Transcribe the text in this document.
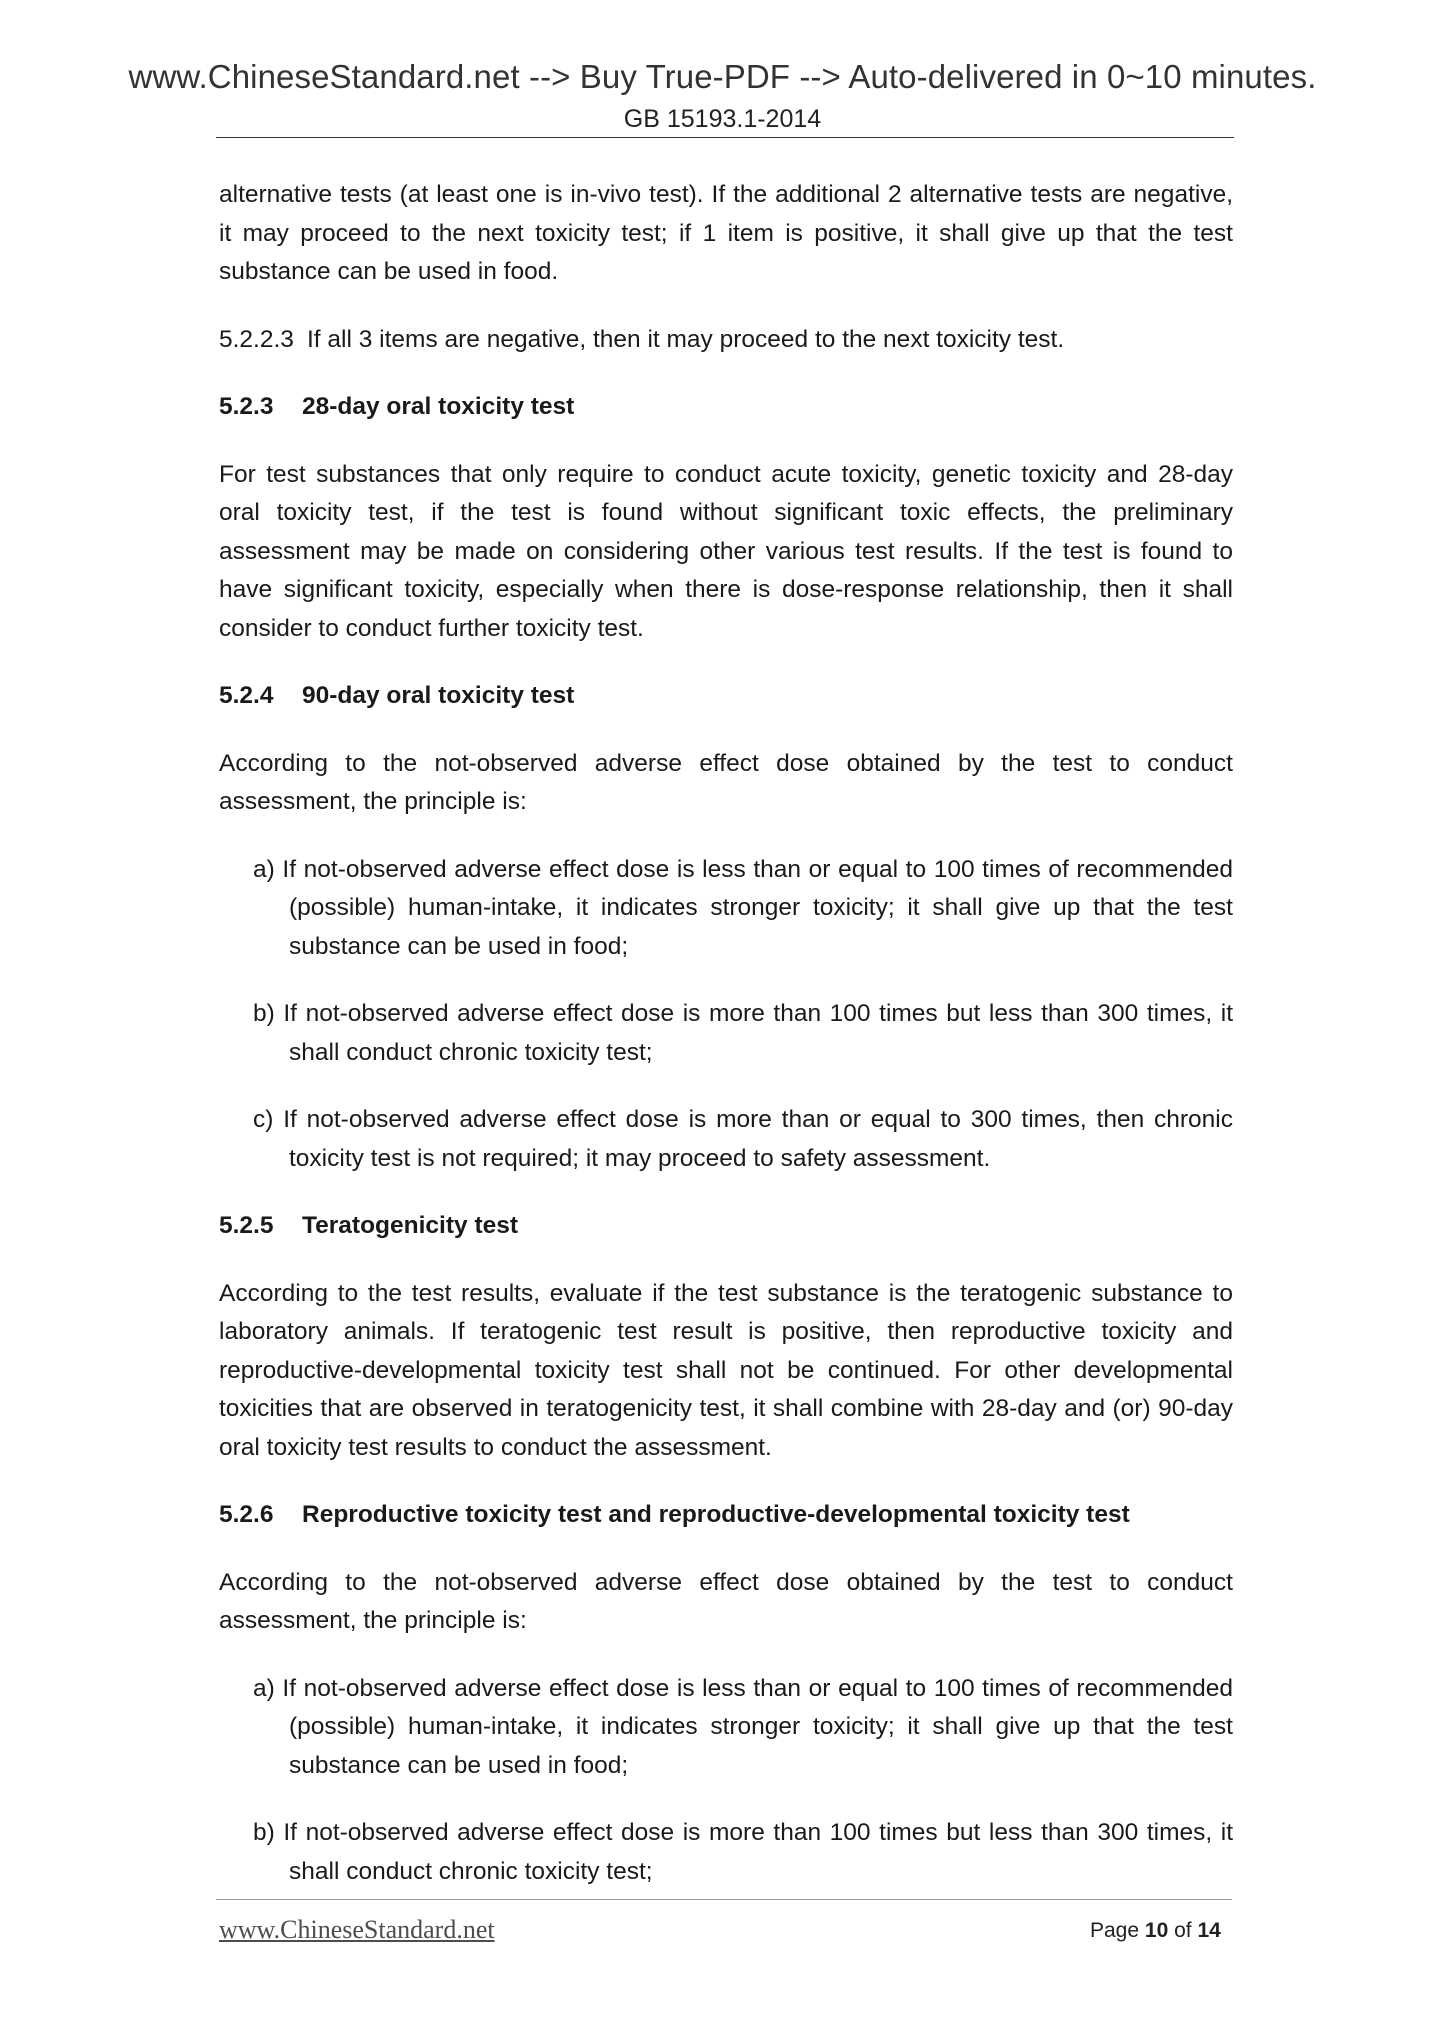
www.ChineseStandard.net --> Buy True-PDF --> Auto-delivered in 0~10 minutes.
GB 15193.1-2014

alternative tests (at least one is in-vivo test). If the additional 2 alternative tests are negative, it may proceed to the next toxicity test; if 1 item is positive, it shall give up that the test substance can be used in food.

5.2.2.3 If all 3 items are negative, then it may proceed to the next toxicity test.

5.2.3 28-day oral toxicity test

For test substances that only require to conduct acute toxicity, genetic toxicity and 28-day oral toxicity test, if the test is found without significant toxic effects, the preliminary assessment may be made on considering other various test results. If the test is found to have significant toxicity, especially when there is dose-response relationship, then it shall consider to conduct further toxicity test.

5.2.4 90-day oral toxicity test

According to the not-observed adverse effect dose obtained by the test to conduct assessment, the principle is:

a) If not-observed adverse effect dose is less than or equal to 100 times of recommended (possible) human-intake, it indicates stronger toxicity; it shall give up that the test substance can be used in food;

b) If not-observed adverse effect dose is more than 100 times but less than 300 times, it shall conduct chronic toxicity test;

c) If not-observed adverse effect dose is more than or equal to 300 times, then chronic toxicity test is not required; it may proceed to safety assessment.

5.2.5 Teratogenicity test

According to the test results, evaluate if the test substance is the teratogenic substance to laboratory animals. If teratogenic test result is positive, then reproductive toxicity and reproductive-developmental toxicity test shall not be continued. For other developmental toxicities that are observed in teratogenicity test, it shall combine with 28-day and (or) 90-day oral toxicity test results to conduct the assessment.

5.2.6 Reproductive toxicity test and reproductive-developmental toxicity test

According to the not-observed adverse effect dose obtained by the test to conduct assessment, the principle is:

a) If not-observed adverse effect dose is less than or equal to 100 times of recommended (possible) human-intake, it indicates stronger toxicity; it shall give up that the test substance can be used in food;

b) If not-observed adverse effect dose is more than 100 times but less than 300 times, it shall conduct chronic toxicity test;

www.ChineseStandard.net	Page 10 of 14
